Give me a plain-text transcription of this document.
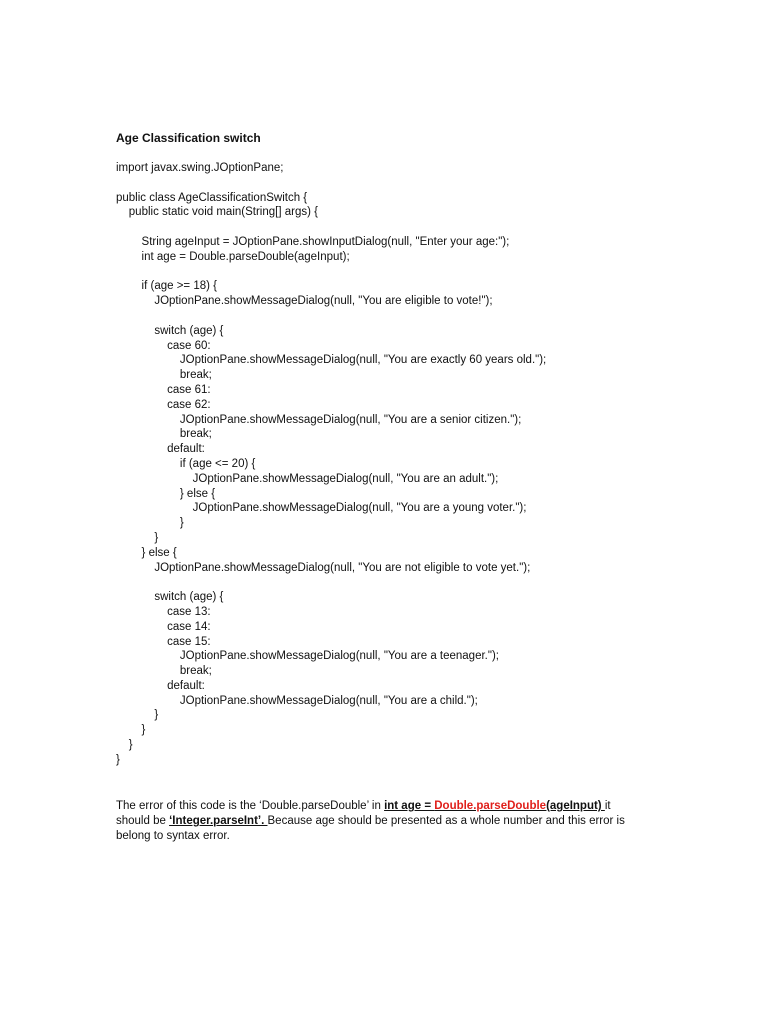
Age Classification switch
import javax.swing.JOptionPane;
public class AgeClassificationSwitch {
public static void main(String[] args) {
String ageInput = JOptionPane.showInputDialog(null, "Enter your age:");
int age = Double.parseDouble(ageInput);
if (age >= 18) {
JOptionPane.showMessageDialog(null, "You are eligible to vote!");
switch (age) {
case 60:
JOptionPane.showMessageDialog(null, "You are exactly 60 years old.");
break;
case 61:
case 62:
JOptionPane.showMessageDialog(null, "You are a senior citizen.");
break;
default:
if (age <= 20) {
JOptionPane.showMessageDialog(null, "You are an adult.");
} else {
JOptionPane.showMessageDialog(null, "You are a young voter.");
}
}
} else {
JOptionPane.showMessageDialog(null, "You are not eligible to vote yet.");
switch (age) {
case 13:
case 14:
case 15:
JOptionPane.showMessageDialog(null, "You are a teenager.");
break;
default:
JOptionPane.showMessageDialog(null, "You are a child.");
}
}
}
}
The error of this code is the ‘Double.parseDouble’ in int age = Double.parseDouble(ageInput) it
should be ‘Integer.parseInt’. Because age should be presented as a whole number and this error is
belong to syntax error.
